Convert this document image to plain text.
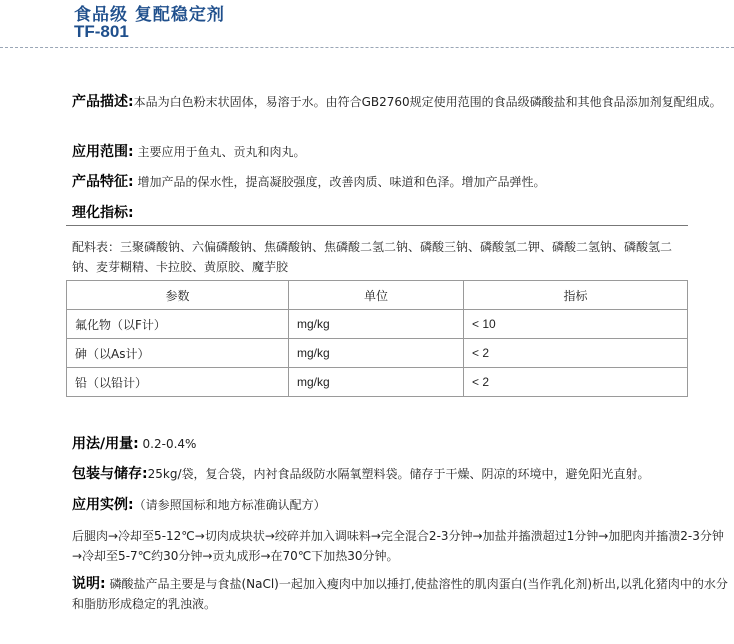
食品级 复配稳定剂
TF-801

产品描述:本品为白色粉末状固体，易溶于水。由符合GB2760规定使用范围的食品级磷酸盐和其他食品添加剂复配组成。

应用范围: 主要应用于鱼丸、贡丸和肉丸。

产品特征: 增加产品的保水性，提高凝胶强度，改善肉质、味道和色泽。增加产品弹性。

理化指标:

配料表：三聚磷酸钠、六偏磷酸钠、焦磷酸钠、焦磷酸二氢二钠、磷酸三钠、磷酸氢二钾、磷酸二氢钠、磷酸氢二钠、麦芽糊精、卡拉胶、黄原胶、魔芋胶

参数	单位	指标
氟化物（以F计）	mg/kg	< 10
砷（以As计）	mg/kg	< 2
铅（以铅计）	mg/kg	< 2

用法/用量: 0.2-0.4%

包装与储存:25kg/袋，复合袋，内衬食品级防水隔氧塑料袋。储存于干燥、阴凉的环境中，避免阳光直射。

应用实例:（请参照国标和地方标准确认配方）

后腿肉→冷却至5-12℃→切肉成块状→绞碎并加入调味料→完全混合2-3分钟→加盐并搐溃超过1分钟→加肥肉并搐溃2-3分钟→冷却至5-7℃约30分钟→贡丸成形→在70℃下加热30分钟。

说明: 磷酸盐产品主要是与食盐(NaCl)一起加入瘦肉中加以捶打,使盐溶性的肌肉蛋白(当作乳化剂)析出,以乳化猪肉中的水分和脂肪形成稳定的乳浊液。
